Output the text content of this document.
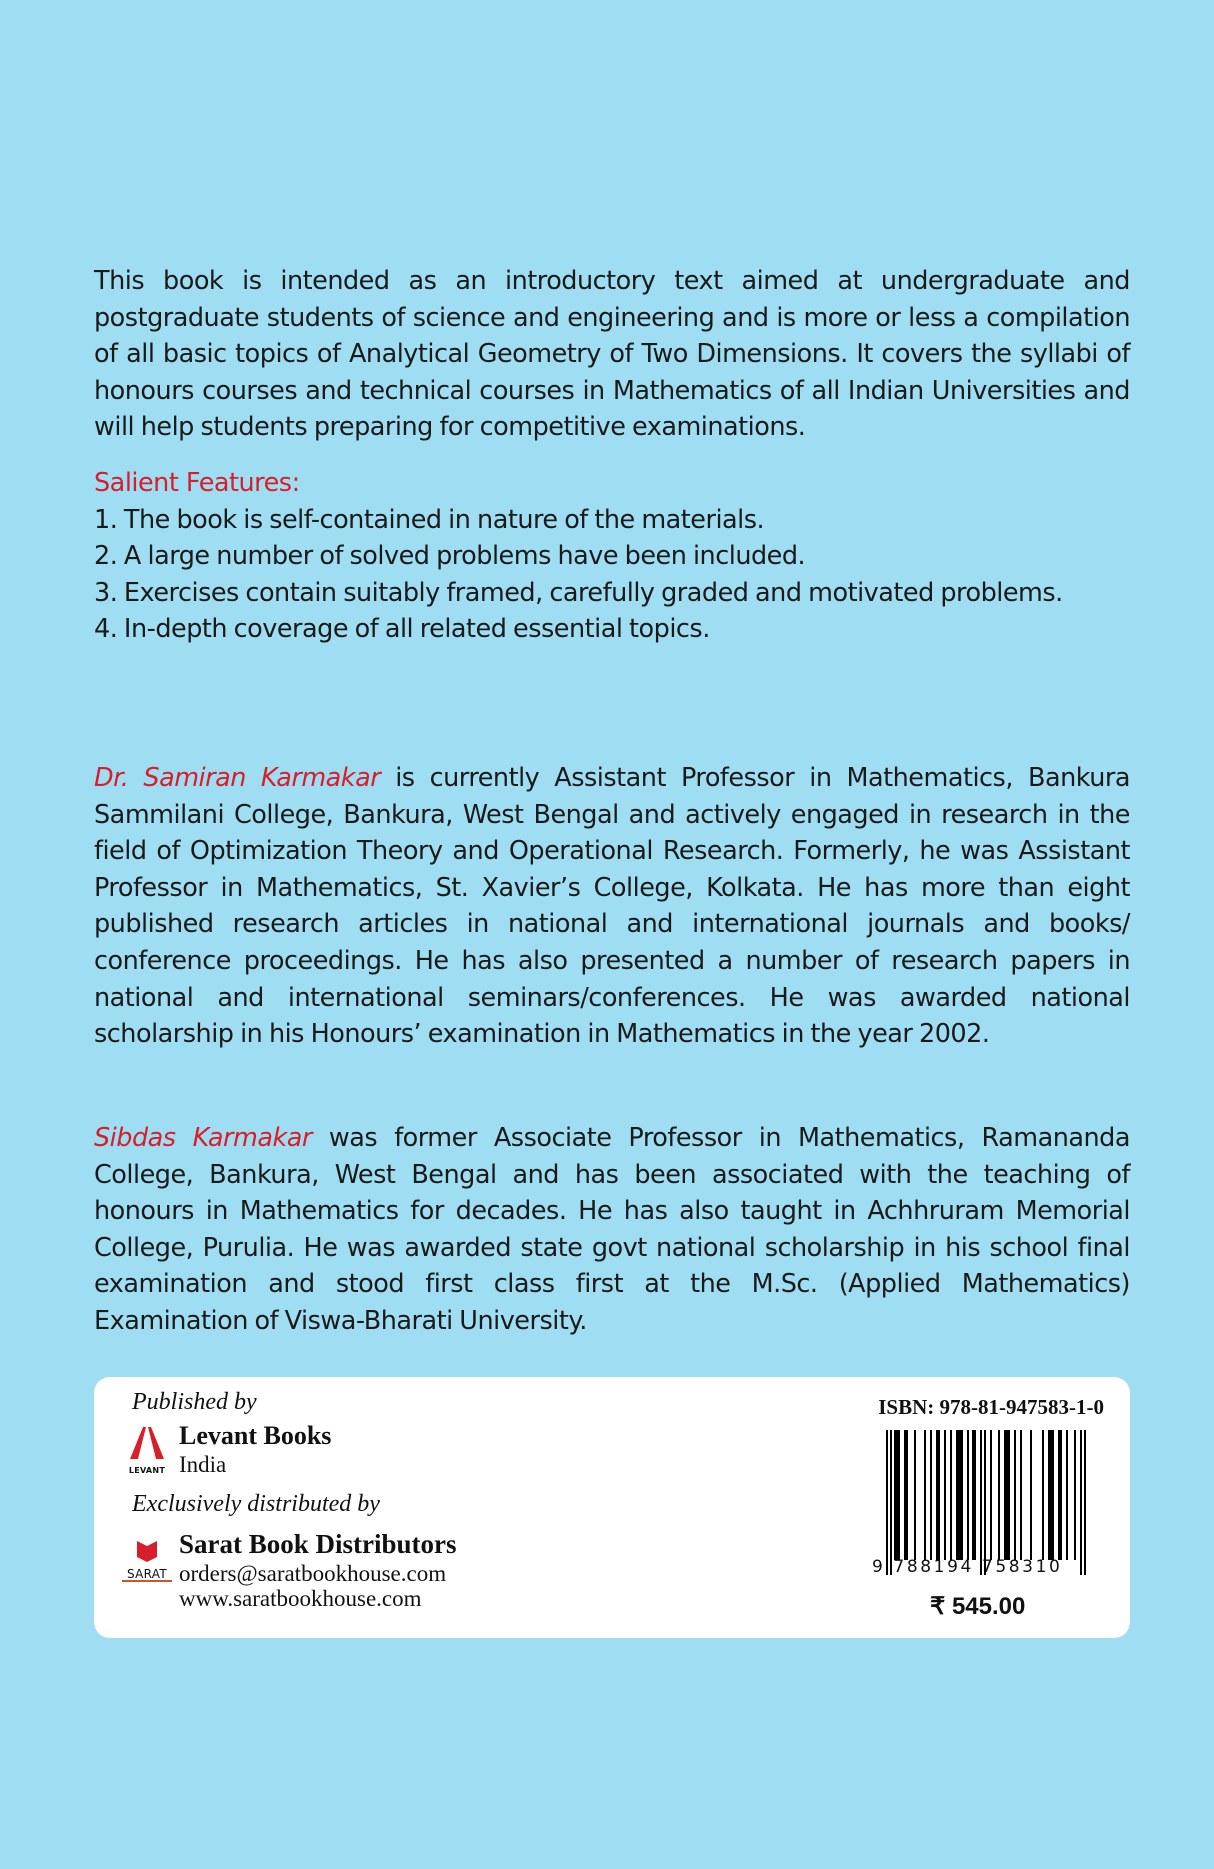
This book is intended as an introductory text aimed at undergraduate and postgraduate students of science and engineering and is more or less a compilation of all basic topics of Analytical Geometry of Two Dimensions. It covers the syllabi of honours courses and technical courses in Mathematics of all Indian Universities and will help students preparing for competitive examinations.

Salient Features:
1. The book is self-contained in nature of the materials.
2. A large number of solved problems have been included.
3. Exercises contain suitably framed, carefully graded and motivated problems.
4. In-depth coverage of all related essential topics.

Dr. Samiran Karmakar is currently Assistant Professor in Mathematics, Bankura Sammilani College, Bankura, West Bengal and actively engaged in research in the field of Optimization Theory and Operational Research. Formerly, he was Assistant Professor in Mathematics, St. Xavier’s College, Kolkata. He has more than eight published research articles in national and international journals and books/ conference proceedings. He has also presented a number of research papers in national and international seminars/conferences. He was awarded national scholarship in his Honours’ examination in Mathematics in the year 2002.

Sibdas Karmakar was former Associate Professor in Mathematics, Ramananda College, Bankura, West Bengal and has been associated with the teaching of honours in Mathematics for decades. He has also taught in Achhruram Memorial College, Purulia. He was awarded state govt national scholarship in his school final examination and stood first class first at the M.Sc. (Applied Mathematics) Examination of Viswa-Bharati University.

Published by
LEVANT
Levant Books
India
Exclusively distributed by
SARAT
Sarat Book Distributors
orders@saratbookhouse.com
www.saratbookhouse.com
ISBN: 978-81-947583-1-0
9 788194 758310
₹ 545.00
